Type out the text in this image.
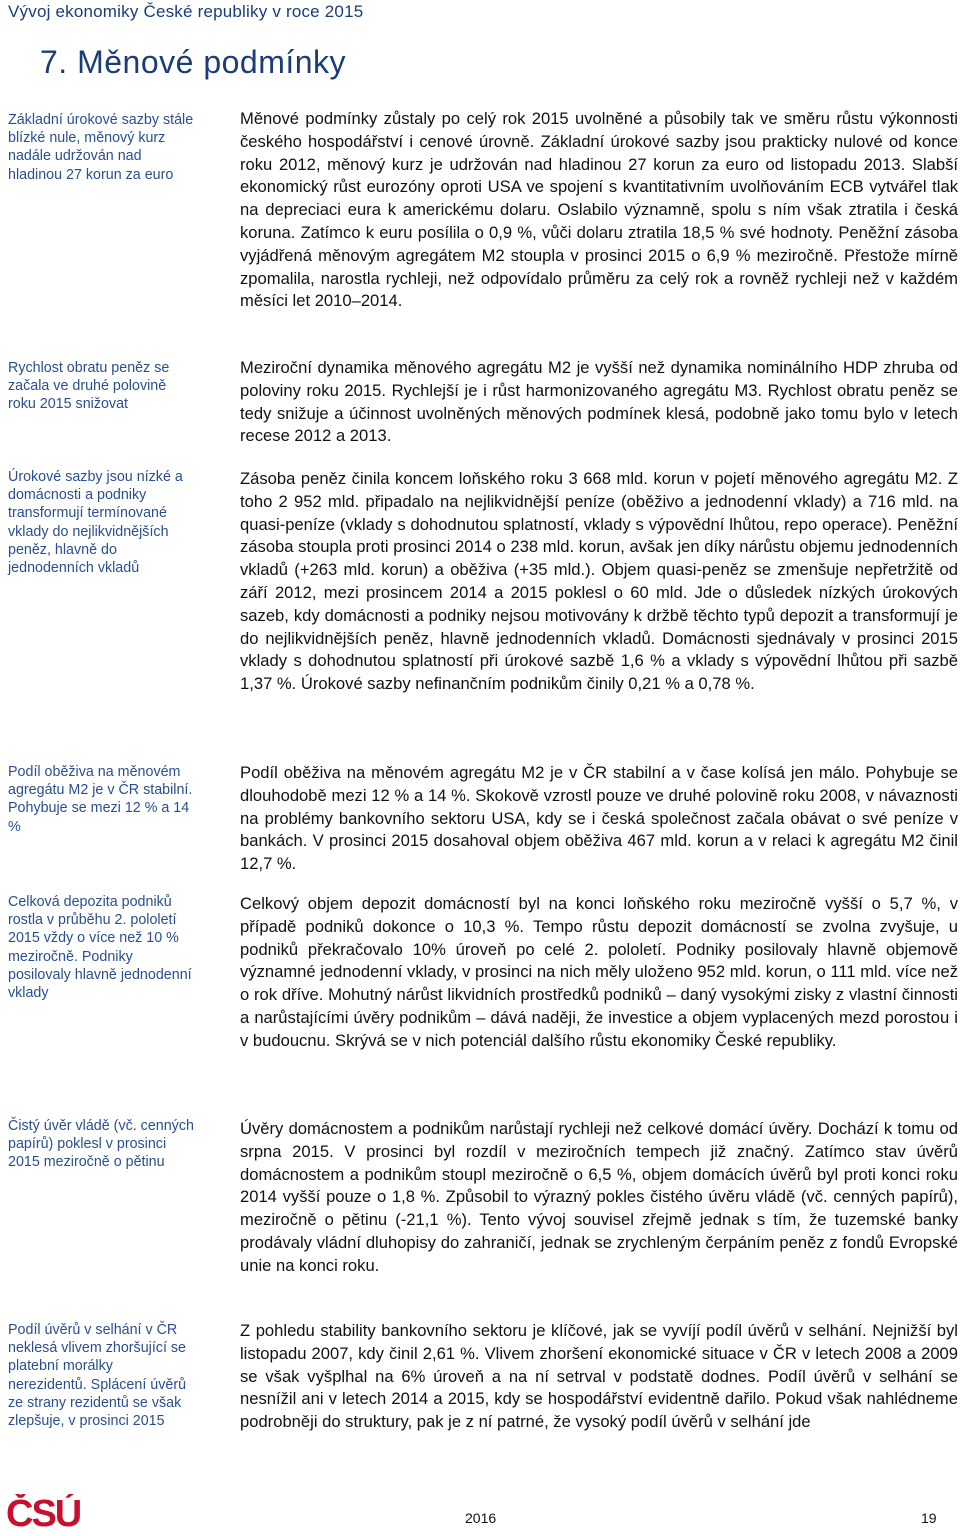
Vývoj ekonomiky České republiky v roce 2015
7. Měnové podmínky
Základní úrokové sazby stále blízké nule, měnový kurz nadále udržován nad hladinou 27 korun za euro
Rychlost obratu peněz se začala ve druhé polovině roku 2015 snižovat
Úrokové sazby jsou nízké a domácnosti a podniky transformují termínované vklady do nejlikvidnějších peněz, hlavně do jednodenních vkladů
Podíl oběživa na měnovém agregátu M2 je v ČR stabilní. Pohybuje se mezi 12 % a 14 %
Celková depozita podniků rostla v průběhu 2. pololetí 2015 vždy o více než 10 % meziročně. Podniky posilovaly hlavně jednodenní vklady
Čistý úvěr vládě (vč. cenných papírů) poklesl v prosinci 2015 meziročně o pětinu
Podíl úvěrů v selhání v ČR neklesá vlivem zhoršující se platební morálky nerezidentů. Splácení úvěrů ze strany rezidentů se však zlepšuje, v prosinci 2015

Měnové podmínky zůstaly po celý rok 2015 uvolněné a působily tak ve směru růstu výkonnosti českého hospodářství i cenové úrovně. Základní úrokové sazby jsou prakticky nulové od konce roku 2012, měnový kurz je udržován nad hladinou 27 korun za euro od listopadu 2013. Slabší ekonomický růst eurozóny oproti USA ve spojení s kvantitativním uvolňováním ECB vytvářel tlak na depreciaci eura k americkému dolaru. Oslabilo významně, spolu s ním však ztratila i česká koruna. Zatímco k euru posílila o 0,9 %, vůči dolaru ztratila 18,5 % své hodnoty. Peněžní zásoba vyjádřená měnovým agregátem M2 stoupla v prosinci 2015 o 6,9 % meziročně. Přestože mírně zpomalila, narostla rychleji, než odpovídalo průměru za celý rok a rovněž rychleji než v každém měsíci let 2010–2014.

Meziroční dynamika měnového agregátu M2 je vyšší než dynamika nominálního HDP zhruba od poloviny roku 2015. Rychlejší je i růst harmonizovaného agregátu M3. Rychlost obratu peněz se tedy snižuje a účinnost uvolněných měnových podmínek klesá, podobně jako tomu bylo v letech recese 2012 a 2013.

Zásoba peněz činila koncem loňského roku 3 668 mld. korun v pojetí měnového agregátu M2. Z toho 2 952 mld. připadalo na nejlikvidnější peníze (oběživo a jednodenní vklady) a 716 mld. na quasi-peníze (vklady s dohodnutou splatností, vklady s výpovědní lhůtou, repo operace). Peněžní zásoba stoupla proti prosinci 2014 o 238 mld. korun, avšak jen díky nárůstu objemu jednodenních vkladů (+263 mld. korun) a oběživa (+35 mld.). Objem quasi-peněz se zmenšuje nepřetržitě od září 2012, mezi prosincem 2014 a 2015 poklesl o 60 mld. Jde o důsledek nízkých úrokových sazeb, kdy domácnosti a podniky nejsou motivovány k držbě těchto typů depozit a transformují je do nejlikvidnějších peněz, hlavně jednodenních vkladů. Domácnosti sjednávaly v prosinci 2015 vklady s dohodnutou splatností při úrokové sazbě 1,6 % a vklady s výpovědní lhůtou při sazbě 1,37 %. Úrokové sazby nefinančním podnikům činily 0,21 % a 0,78 %.

Podíl oběživa na měnovém agregátu M2 je v ČR stabilní a v čase kolísá jen málo. Pohybuje se dlouhodobě mezi 12 % a 14 %. Skokově vzrostl pouze ve druhé polovině roku 2008, v návaznosti na problémy bankovního sektoru USA, kdy se i česká společnost začala obávat o své peníze v bankách. V prosinci 2015 dosahoval objem oběživa 467 mld. korun a v relaci k agregátu M2 činil 12,7 %.

Celkový objem depozit domácností byl na konci loňského roku meziročně vyšší o 5,7 %, v případě podniků dokonce o 10,3 %. Tempo růstu depozit domácností se zvolna zvyšuje, u podniků překračovalo 10% úroveň po celé 2. pololetí. Podniky posilovaly hlavně objemově významné jednodenní vklady, v prosinci na nich měly uloženo 952 mld. korun, o 111 mld. více než o rok dříve. Mohutný nárůst likvidních prostředků podniků – daný vysokými zisky z vlastní činnosti a narůstajícími úvěry podnikům – dává naději, že investice a objem vyplacených mezd porostou i v budoucnu. Skrývá se v nich potenciál dalšího růstu ekonomiky České republiky.

Úvěry domácnostem a podnikům narůstají rychleji než celkové domácí úvěry. Dochází k tomu od srpna 2015. V prosinci byl rozdíl v meziročních tempech již značný. Zatímco stav úvěrů domácnostem a podnikům stoupl meziročně o 6,5 %, objem domácích úvěrů byl proti konci roku 2014 vyšší pouze o 1,8 %. Způsobil to výrazný pokles čistého úvěru vládě (vč. cenných papírů), meziročně o pětinu (-21,1 %). Tento vývoj souvisel zřejmě jednak s tím, že tuzemské banky prodávaly vládní dluhopisy do zahraničí, jednak se zrychleným čerpáním peněz z fondů Evropské unie na konci roku.

Z pohledu stability bankovního sektoru je klíčové, jak se vyvíjí podíl úvěrů v selhání. Nejnižší byl listopadu 2007, kdy činil 2,61 %. Vlivem zhoršení ekonomické situace v ČR v letech 2008 a 2009 se však vyšplhal na 6% úroveň a na ní setrval v podstatě dodnes. Podíl úvěrů v selhání se nesnížil ani v letech 2014 a 2015, kdy se hospodářství evidentně dařilo. Pokud však nahlédneme podrobněji do struktury, pak je z ní patrné, že vysoký podíl úvěrů v selhání jde

ČSÚ	2016	19
